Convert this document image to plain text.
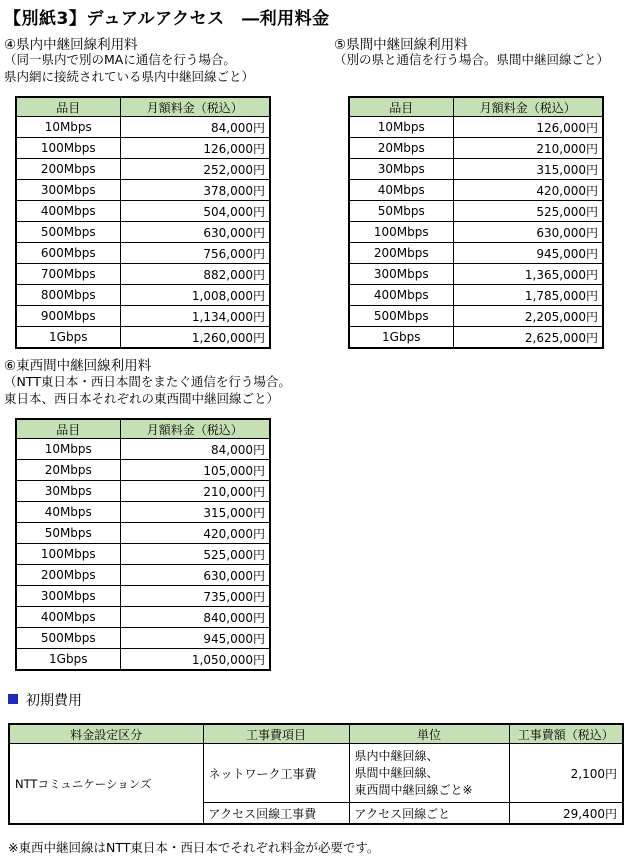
【別紙3】デュアルアクセス　―利用料金
④県内中継回線利用料
（同一県内で別のMAに通信を行う場合。
県内網に接続されている県内中継回線ごと）
品目	月額料金（税込）
10Mbps	84,000円
100Mbps	126,000円
200Mbps	252,000円
300Mbps	378,000円
400Mbps	504,000円
500Mbps	630,000円
600Mbps	756,000円
700Mbps	882,000円
800Mbps	1,008,000円
900Mbps	1,134,000円
1Gbps	1,260,000円
⑤県間中継回線利用料
（別の県と通信を行う場合。県間中継回線ごと）
品目	月額料金（税込）
10Mbps	126,000円
20Mbps	210,000円
30Mbps	315,000円
40Mbps	420,000円
50Mbps	525,000円
100Mbps	630,000円
200Mbps	945,000円
300Mbps	1,365,000円
400Mbps	1,785,000円
500Mbps	2,205,000円
1Gbps	2,625,000円
⑥東西間中継回線利用料
（NTT東日本・西日本間をまたぐ通信を行う場合。
東日本、西日本それぞれの東西間中継回線ごと）
品目	月額料金（税込）
10Mbps	84,000円
20Mbps	105,000円
30Mbps	210,000円
40Mbps	315,000円
50Mbps	420,000円
100Mbps	525,000円
200Mbps	630,000円
300Mbps	735,000円
400Mbps	840,000円
500Mbps	945,000円
1Gbps	1,050,000円
初期費用
料金設定区分	工事費項目	単位	工事費額（税込）
NTTコミュニケーションズ	ネットワーク工事費	県内中継回線、
県間中継回線、
東西間中継回線ごと※	2,100円
	アクセス回線工事費	アクセス回線ごと	29,400円
※東西中継回線はNTT東日本・西日本でそれぞれ料金が必要です。
